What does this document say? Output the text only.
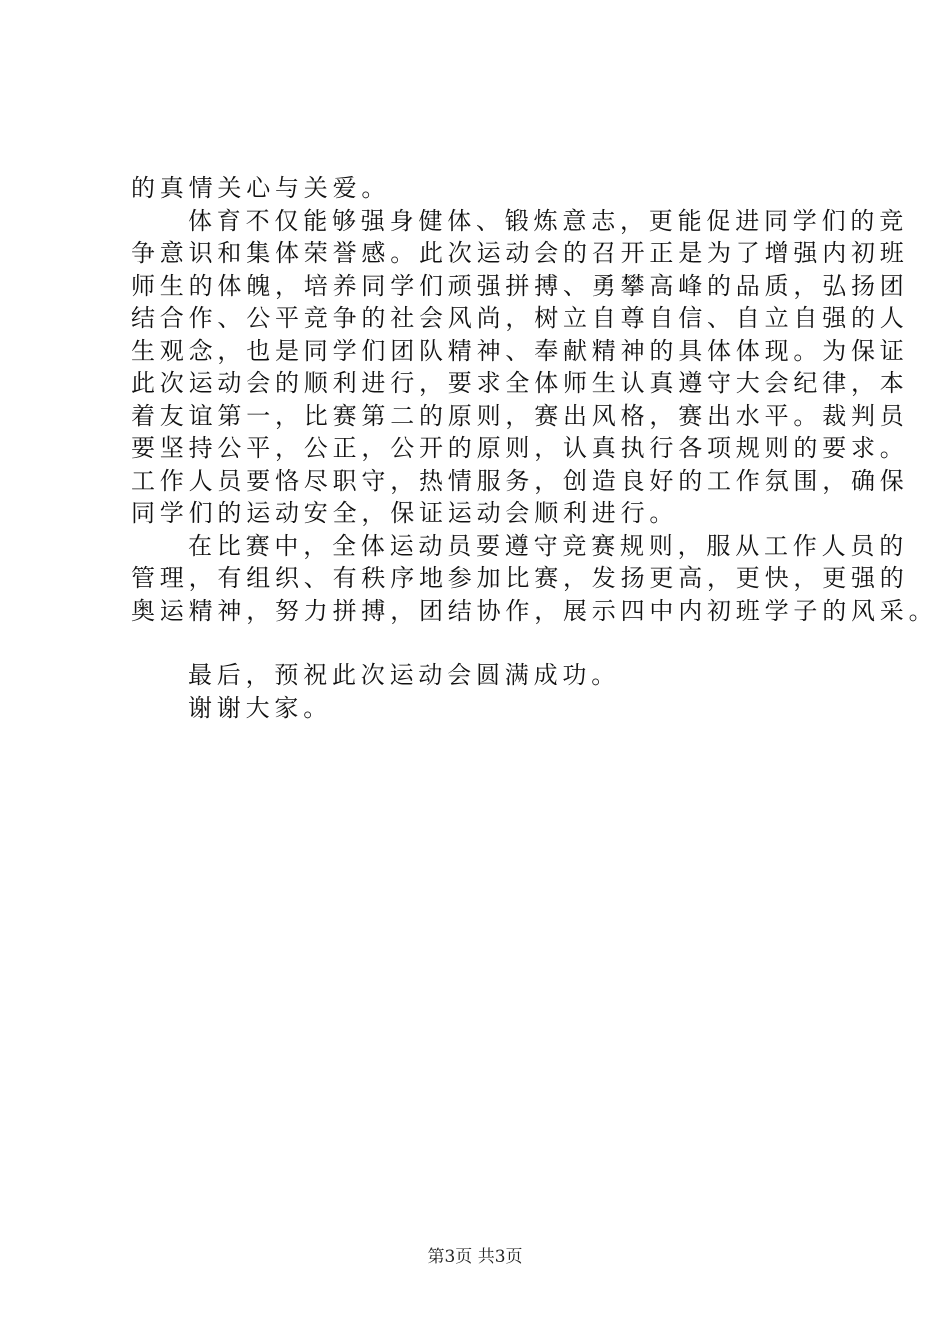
的真情关心与关爱。
体育不仅能够强身健体、锻炼意志，更能促进同学们的竞
争意识和集体荣誉感。此次运动会的召开正是为了增强内初班
师生的体魄，培养同学们顽强拼搏、勇攀高峰的品质，弘扬团
结合作、公平竞争的社会风尚，树立自尊自信、自立自强的人
生观念，也是同学们团队精神、奉献精神的具体体现。为保证
此次运动会的顺利进行，要求全体师生认真遵守大会纪律，本
着友谊第一，比赛第二的原则，赛出风格，赛出水平。裁判员
要坚持公平，公正，公开的原则，认真执行各项规则的要求。
工作人员要恪尽职守，热情服务，创造良好的工作氛围，确保
同学们的运动安全，保证运动会顺利进行。
在比赛中，全体运动员要遵守竞赛规则，服从工作人员的
管理，有组织、有秩序地参加比赛，发扬更高，更快，更强的
奥运精神，努力拼搏，团结协作，展示四中内初班学子的风采。
最后，预祝此次运动会圆满成功。
谢谢大家。
第3页 共3页
